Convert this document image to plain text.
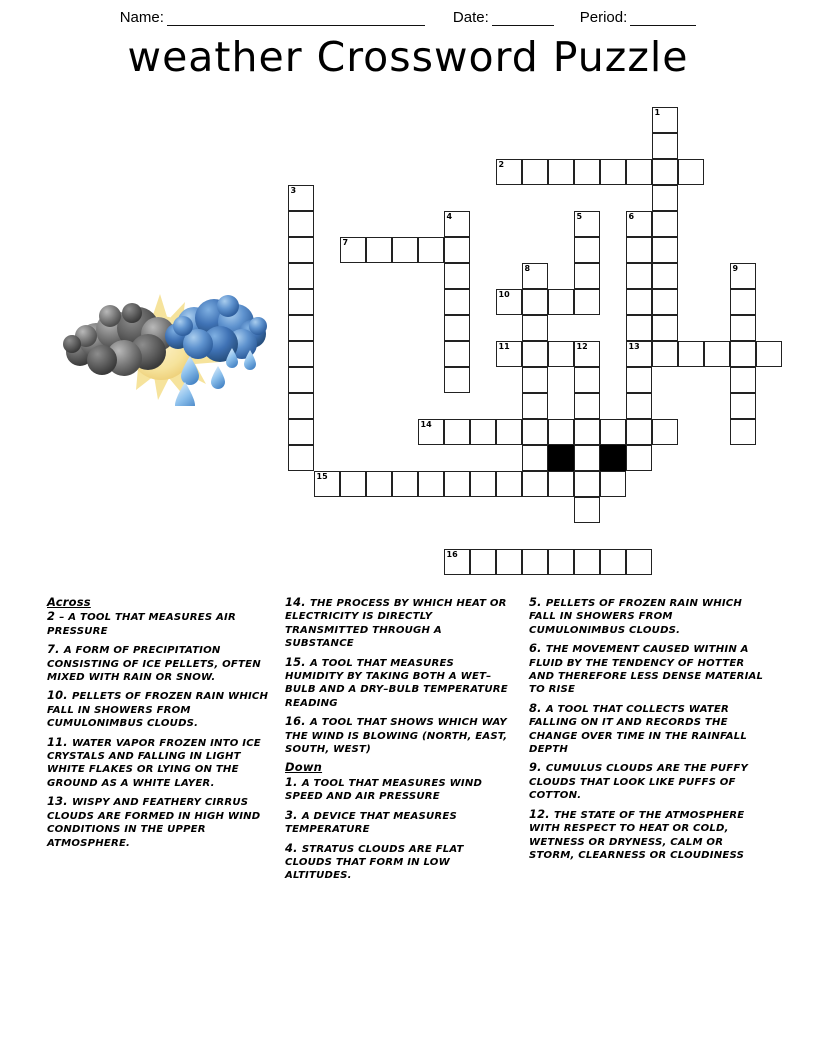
Name:	Date:	Period:
weather Crossword Puzzle
1
2
3
4	5	6
7
8	9
10
11	12	13
14
15
16
Across

2 – A TOOL THAT MEASURES AIR PRESSURE

7. A FORM OF PRECIPITATION CONSISTING OF ICE PELLETS, OFTEN MIXED WITH RAIN OR SNOW.

10. PELLETS OF FROZEN RAIN WHICH FALL IN SHOWERS FROM CUMULONIMBUS CLOUDS.

11. WATER VAPOR FROZEN INTO ICE CRYSTALS AND FALLING IN LIGHT WHITE FLAKES OR LYING ON THE GROUND AS A WHITE LAYER.

13. WISPY AND FEATHERY CIRRUS CLOUDS ARE FORMED IN HIGH WIND CONDITIONS IN THE UPPER ATMOSPHERE.

14. THE PROCESS BY WHICH HEAT OR ELECTRICITY IS DIRECTLY TRANSMITTED THROUGH A SUBSTANCE

15. A TOOL THAT MEASURES HUMIDITY BY TAKING BOTH A WET–BULB AND A DRY–BULB TEMPERATURE READING

16. A TOOL THAT SHOWS WHICH WAY THE WIND IS BLOWING (NORTH, EAST, SOUTH, WEST)

Down

1. A TOOL THAT MEASURES WIND SPEED AND AIR PRESSURE

3. A DEVICE THAT MEASURES TEMPERATURE

4. STRATUS CLOUDS ARE FLAT CLOUDS THAT FORM IN LOW ALTITUDES.

5. PELLETS OF FROZEN RAIN WHICH FALL IN SHOWERS FROM CUMULONIMBUS CLOUDS.

6. THE MOVEMENT CAUSED WITHIN A FLUID BY THE TENDENCY OF HOTTER AND THEREFORE LESS DENSE MATERIAL TO RISE

8. A TOOL THAT COLLECTS WATER FALLING ON IT AND RECORDS THE CHANGE OVER TIME IN THE RAINFALL DEPTH

9. CUMULUS CLOUDS ARE THE PUFFY CLOUDS THAT LOOK LIKE PUFFS OF COTTON.

12. THE STATE OF THE ATMOSPHERE WITH RESPECT TO HEAT OR COLD, WETNESS OR DRYNESS, CALM OR STORM, CLEARNESS OR CLOUDINESS
